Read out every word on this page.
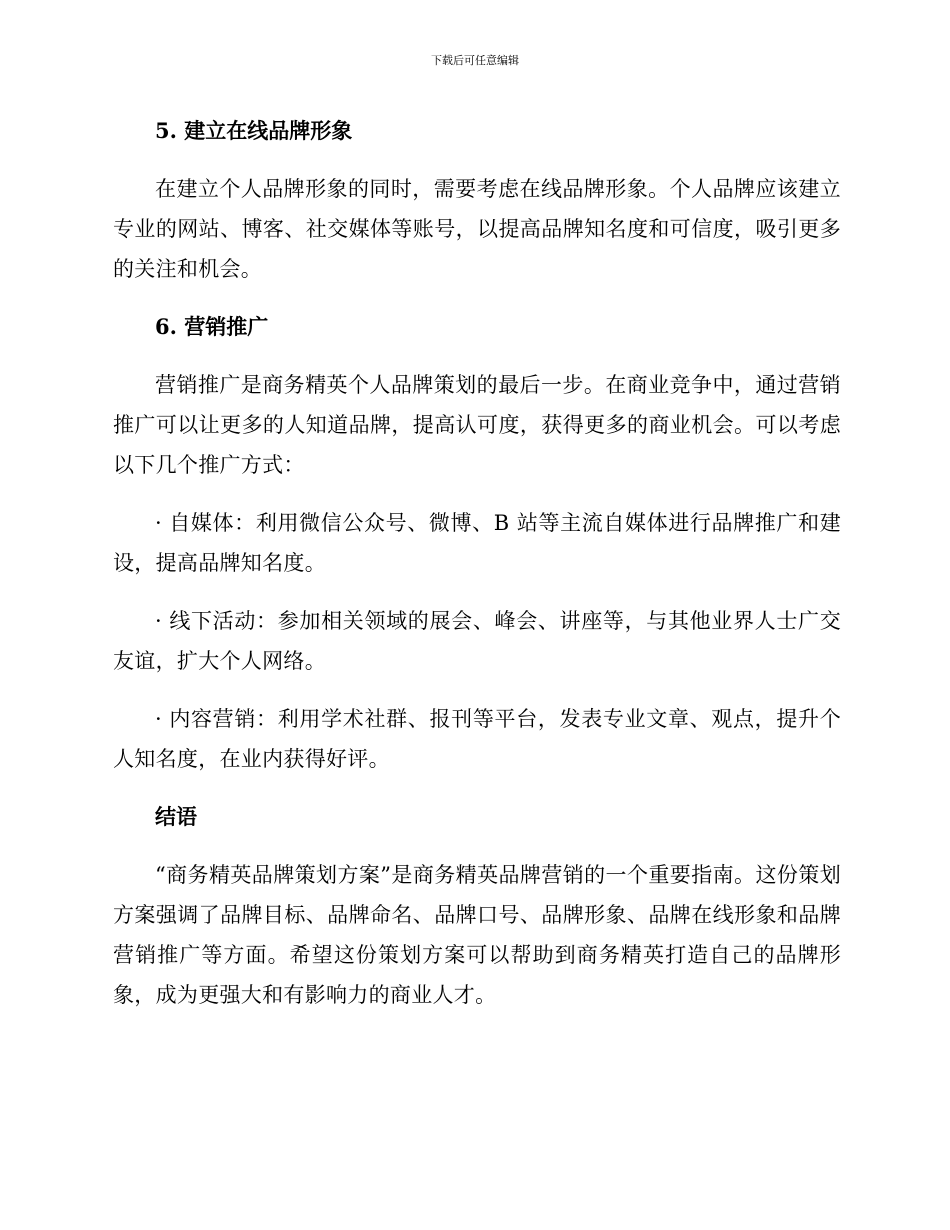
下载后可任意编辑
5. 建立在线品牌形象

在建立个人品牌形象的同时，需要考虑在线品牌形象。个人品牌应该建立专业的网站、博客、社交媒体等账号，以提高品牌知名度和可信度，吸引更多的关注和机会。

6. 营销推广

营销推广是商务精英个人品牌策划的最后一步。在商业竞争中，通过营销推广可以让更多的人知道品牌，提高认可度，获得更多的商业机会。可以考虑以下几个推广方式：

· 自媒体：利用微信公众号、微博、B 站等主流自媒体进行品牌推广和建设，提高品牌知名度。

· 线下活动：参加相关领域的展会、峰会、讲座等，与其他业界人士广交友谊，扩大个人网络。

· 内容营销：利用学术社群、报刊等平台，发表专业文章、观点，提升个人知名度，在业内获得好评。

结语

“商务精英品牌策划方案”是商务精英品牌营销的一个重要指南。这份策划方案强调了品牌目标、品牌命名、品牌口号、品牌形象、品牌在线形象和品牌营销推广等方面。希望这份策划方案可以帮助到商务精英打造自己的品牌形象，成为更强大和有影响力的商业人才。
